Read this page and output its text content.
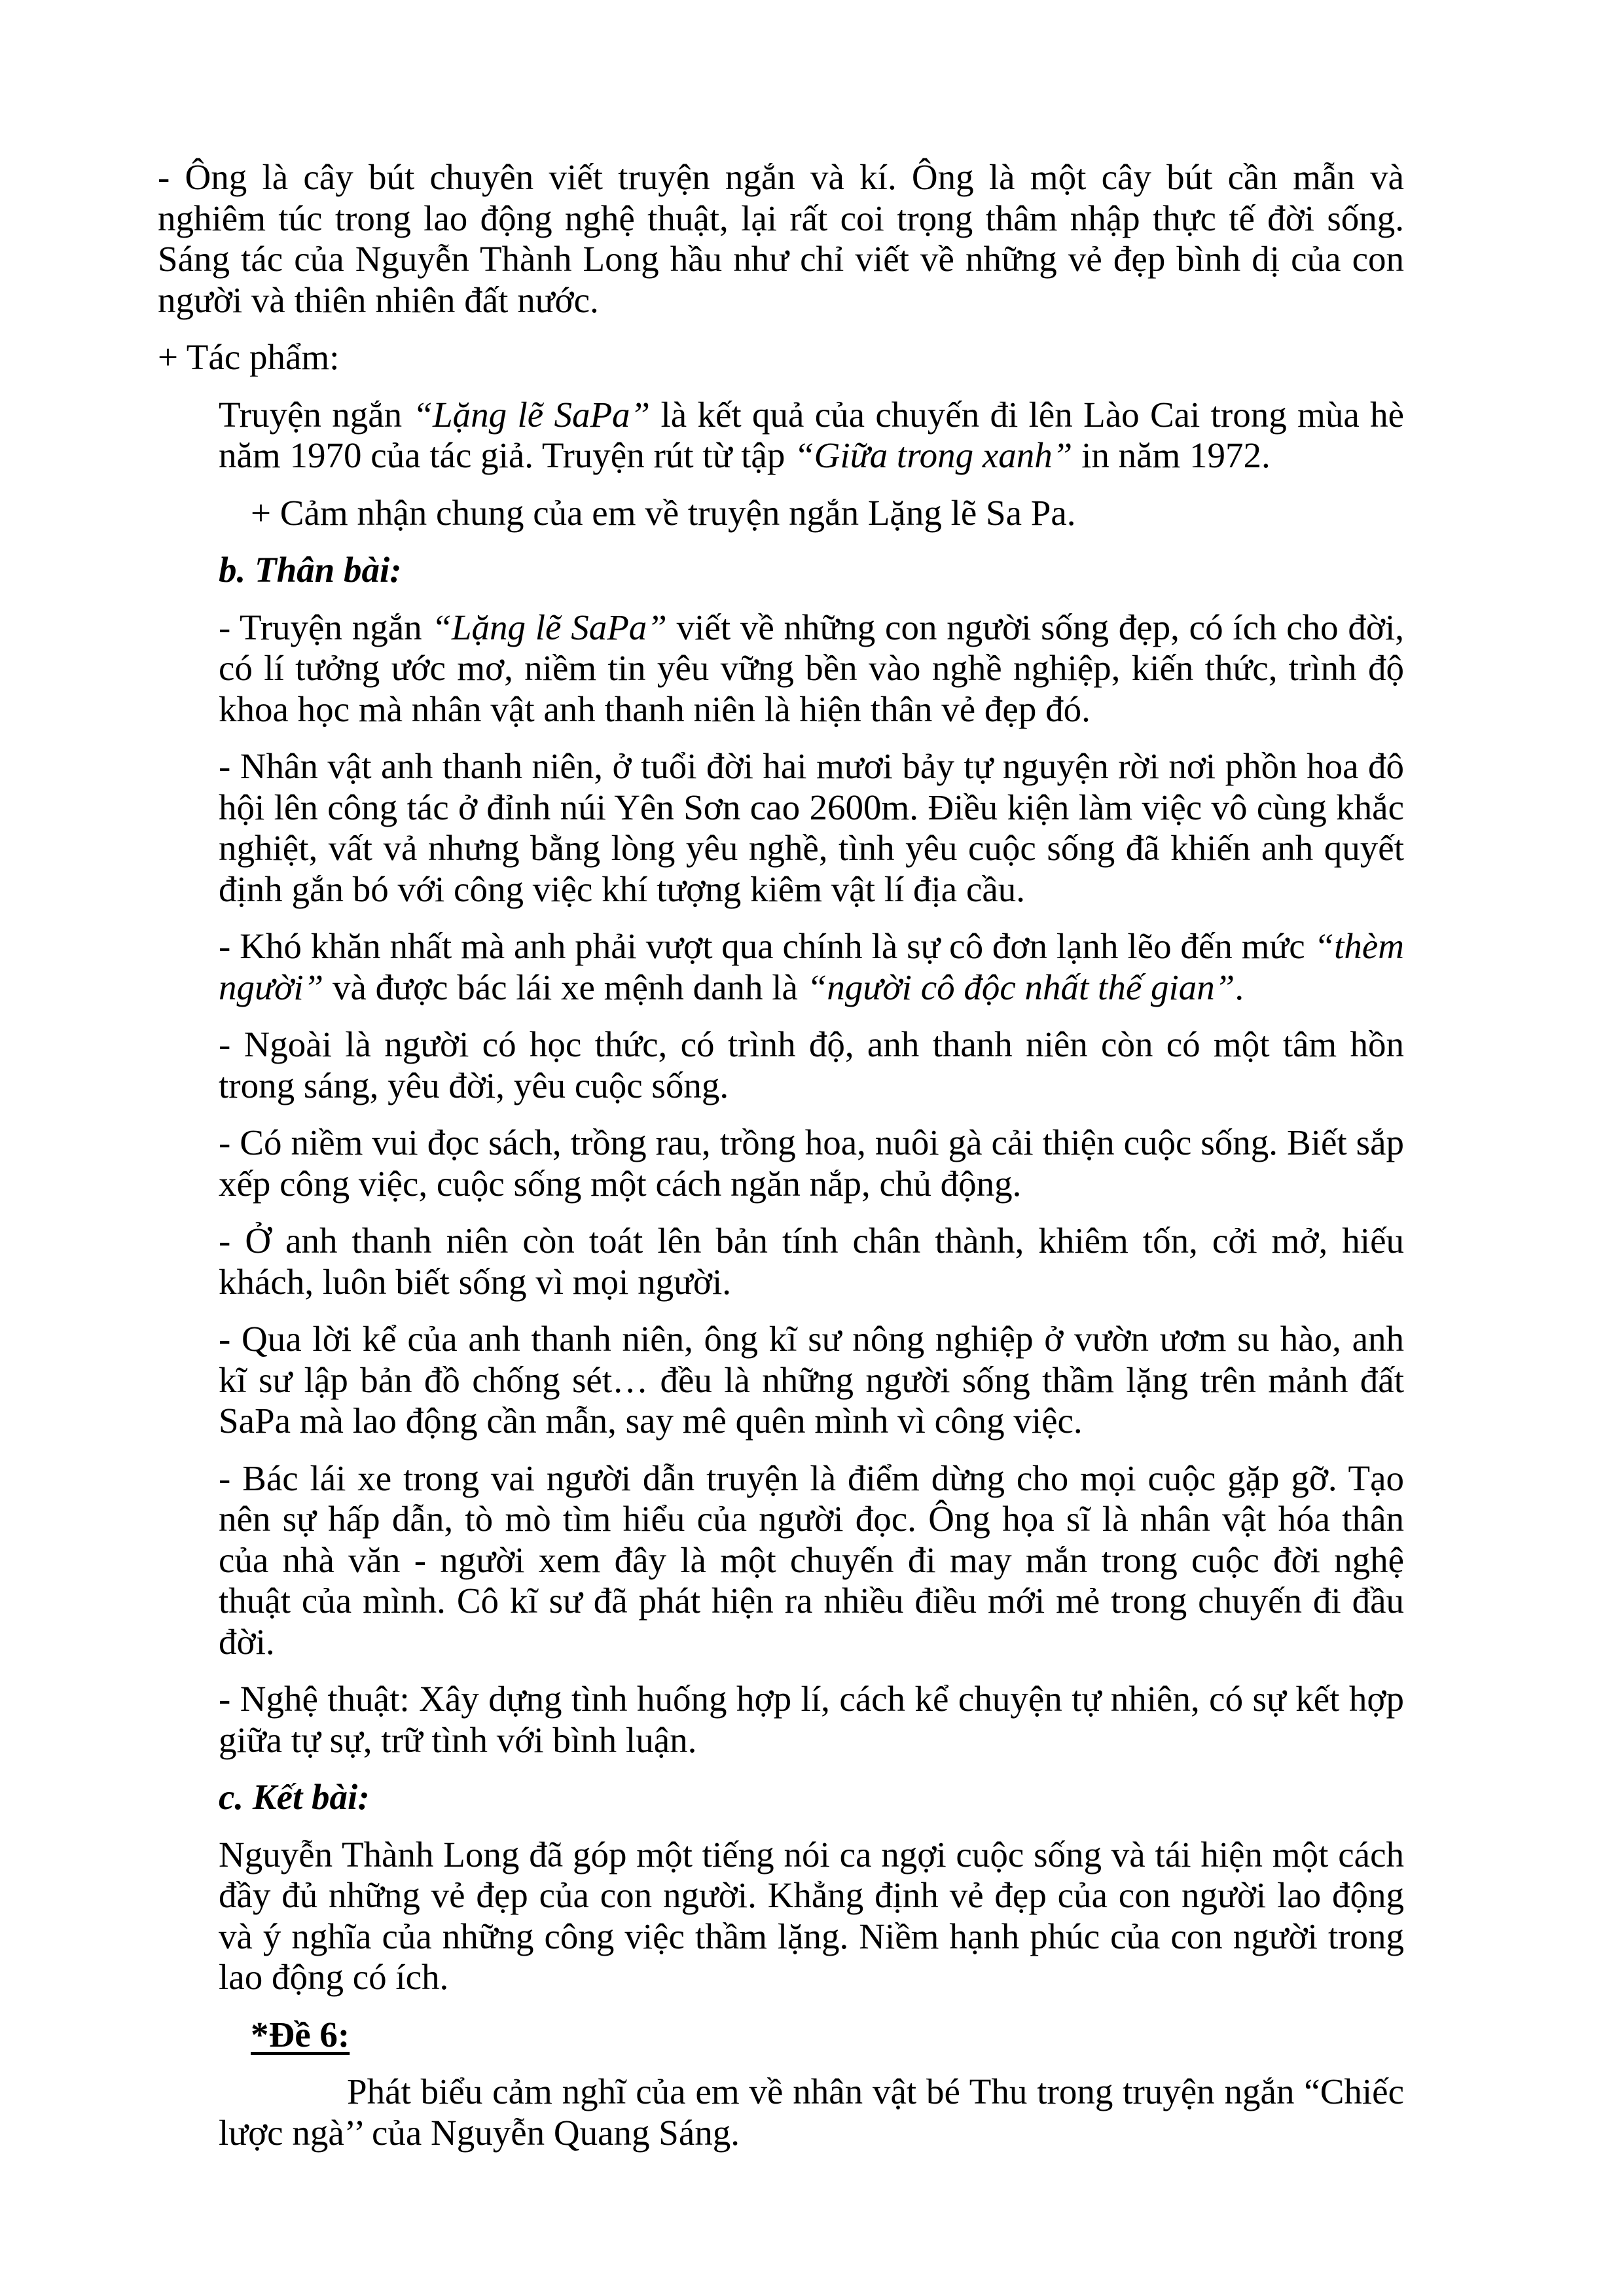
- Ông là cây bút chuyên viết truyện ngắn và kí. Ông là một cây bút cần mẫn và nghiêm túc trong lao động nghệ thuật, lại rất coi trọng thâm nhập thực tế đời sống. Sáng tác của Nguyễn Thành Long hầu như chỉ viết về những vẻ đẹp bình dị của con người và thiên nhiên đất nước.

+ Tác phẩm:

Truyện ngắn “Lặng lẽ SaPa” là kết quả của chuyến đi lên Lào Cai trong mùa hè năm 1970 của tác giả. Truyện rút từ tập “Giữa trong xanh” in năm 1972.

+ Cảm nhận chung của em về truyện ngắn Lặng lẽ Sa Pa.

b. Thân bài:

- Truyện ngắn “Lặng lẽ SaPa” viết về những con người sống đẹp, có ích cho đời, có lí tưởng ước mơ, niềm tin yêu vững bền vào nghề nghiệp, kiến thức, trình độ khoa học mà nhân vật anh thanh niên là hiện thân vẻ đẹp đó.

- Nhân vật anh thanh niên, ở tuổi đời hai mươi bảy tự nguyện rời nơi phồn hoa đô hội lên công tác ở đỉnh núi Yên Sơn cao 2600m. Điều kiện làm việc vô cùng khắc nghiệt, vất vả nhưng bằng lòng yêu nghề, tình yêu cuộc sống đã khiến anh quyết định gắn bó với công việc khí tượng kiêm vật lí địa cầu.

- Khó khăn nhất mà anh phải vượt qua chính là sự cô đơn lạnh lẽo đến mức “thèm người” và được bác lái xe mệnh danh là “người cô độc nhất thế gian”.

- Ngoài là người có học thức, có trình độ, anh thanh niên còn có một tâm hồn trong sáng, yêu đời, yêu cuộc sống.

- Có niềm vui đọc sách, trồng rau, trồng hoa, nuôi gà cải thiện cuộc sống. Biết sắp xếp công việc, cuộc sống một cách ngăn nắp, chủ động.

- Ở anh thanh niên còn toát lên bản tính chân thành, khiêm tốn, cởi mở, hiếu khách, luôn biết sống vì mọi người.

- Qua lời kể của anh thanh niên, ông kĩ sư nông nghiệp ở vườn ươm su hào, anh kĩ sư lập bản đồ chống sét… đều là những người sống thầm lặng trên mảnh đất SaPa mà lao động cần mẫn, say mê quên mình vì công việc.

- Bác lái xe trong vai người dẫn truyện là điểm dừng cho mọi cuộc gặp gỡ. Tạo nên sự hấp dẫn, tò mò tìm hiểu của người đọc. Ông họa sĩ là nhân vật hóa thân của nhà văn - người xem đây là một chuyến đi may mắn trong cuộc đời nghệ thuật của mình. Cô kĩ sư đã phát hiện ra nhiều điều mới mẻ trong chuyến đi đầu đời.

- Nghệ thuật: Xây dựng tình huống hợp lí, cách kể chuyện tự nhiên, có sự kết hợp giữa tự sự, trữ tình với bình luận.

c. Kết bài:

Nguyễn Thành Long đã góp một tiếng nói ca ngợi cuộc sống và tái hiện một cách đầy đủ những vẻ đẹp của con người. Khẳng định vẻ đẹp của con người lao động và ý nghĩa của những công việc thầm lặng. Niềm hạnh phúc của con người trong lao động có ích.

*Đề 6:

Phát biểu cảm nghĩ của em về nhân vật bé Thu trong truyện ngắn “Chiếc lược ngà’’ của Nguyễn Quang Sáng.
